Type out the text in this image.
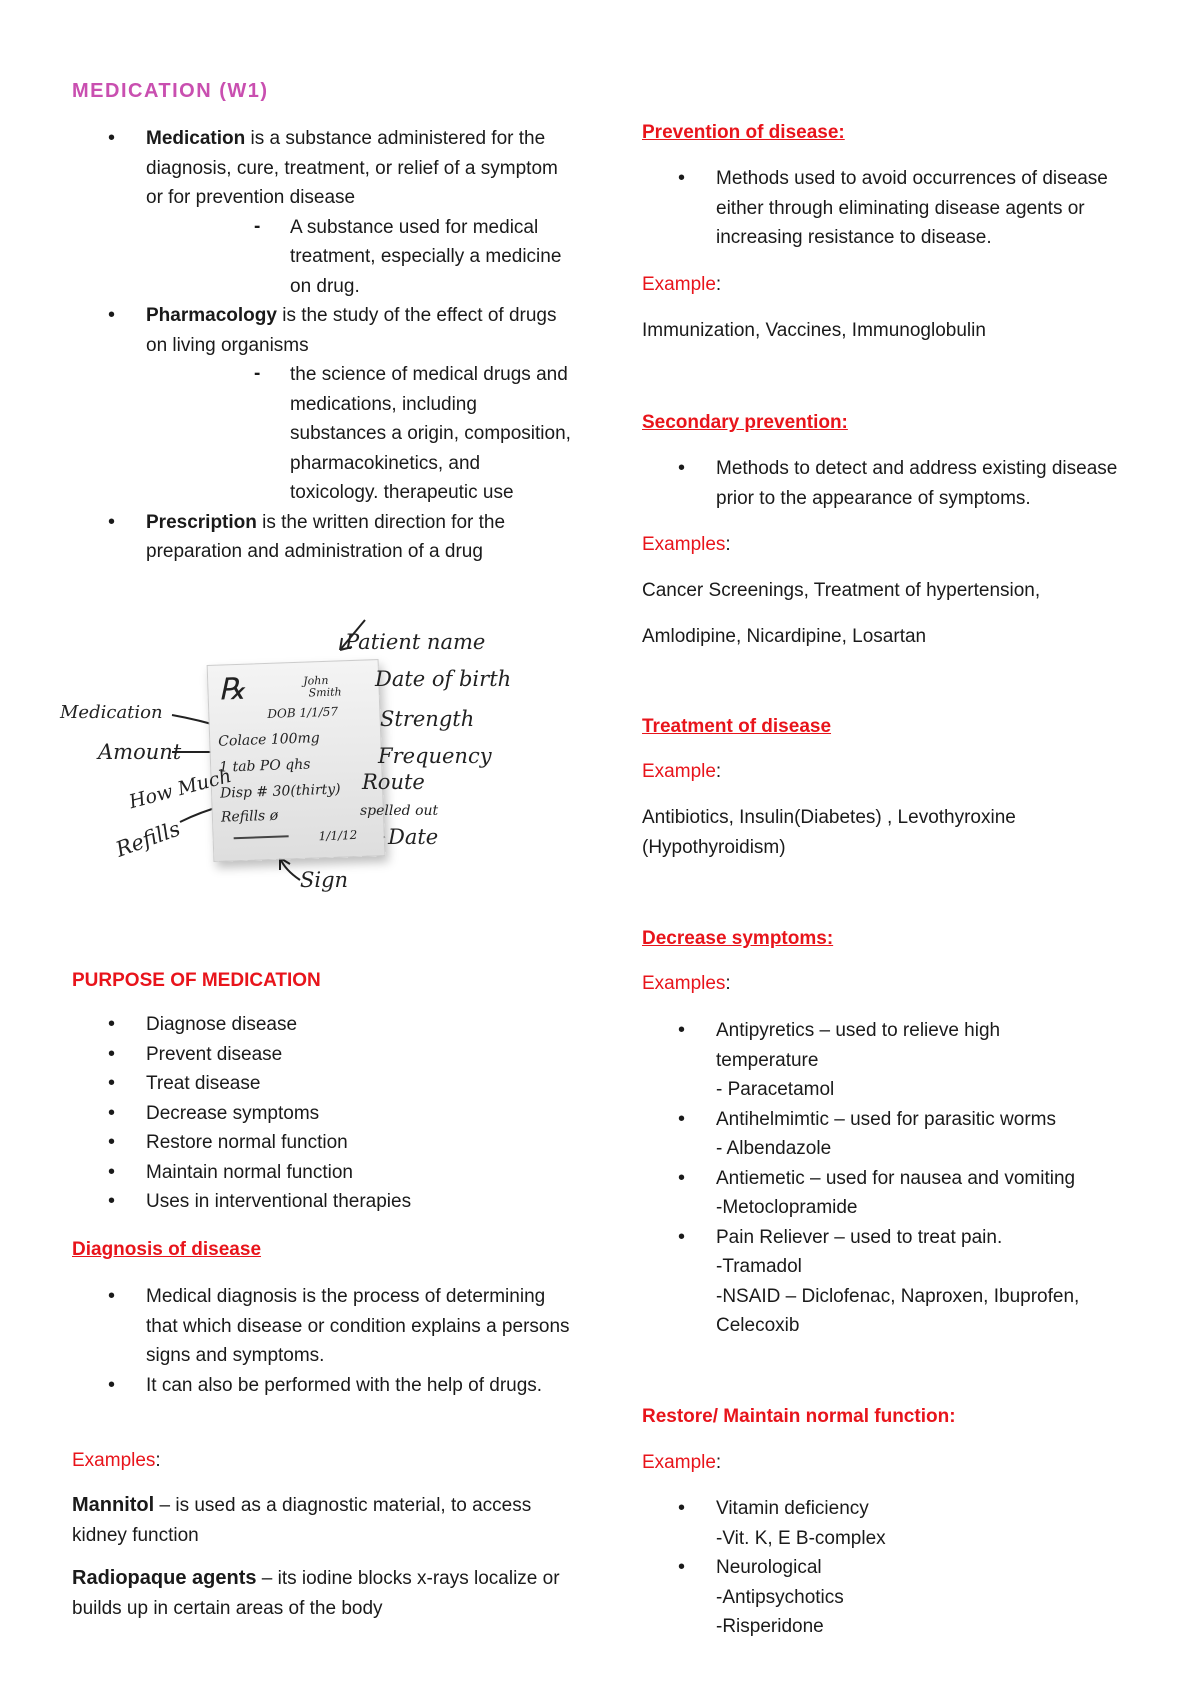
MEDICATION (W1)
• Medication is a substance administered for the diagnosis, cure, treatment, or relief of a symptom or for prevention disease
- A substance used for medical treatment, especially a medicine on drug.
• Pharmacology is the study of the effect of drugs on living organisms
- the science of medical drugs and medications, including substances a origin, composition, pharmacokinetics, and toxicology. therapeutic use
• Prescription is the written direction for the preparation and administration of a drug
℞	John
Smith
DOB 1/1/57
Colace 100mg
1 tab PO qhs
Disp # 30(thirty)
Refills ø
1/1/12
Patient name
Date of birth
Medication	Strength
Amount	Frequency
How Much	Route
spelled out
Refills	Date
Sign
PURPOSE OF MEDICATION
• Diagnose disease
• Prevent disease
• Treat disease
• Decrease symptoms
• Restore normal function
• Maintain normal function
• Uses in interventional therapies
Diagnosis of disease
• Medical diagnosis is the process of determining that which disease or condition explains a persons signs and symptoms.
• It can also be performed with the help of drugs.
Examples:
Mannitol – is used as a diagnostic material, to access kidney function
Radiopaque agents – its iodine blocks x-rays localize or builds up in certain areas of the body
Prevention of disease:
• Methods used to avoid occurrences of disease either through eliminating disease agents or increasing resistance to disease.
Example:
Immunization, Vaccines, Immunoglobulin
Secondary prevention:
• Methods to detect and address existing disease prior to the appearance of symptoms.
Examples:
Cancer Screenings, Treatment of hypertension,
Amlodipine, Nicardipine, Losartan
Treatment of disease
Example:
Antibiotics, Insulin(Diabetes) , Levothyroxine (Hypothyroidism)
Decrease symptoms:
Examples:
• Antipyretics – used to relieve high temperature
- Paracetamol
• Antihelmimtic – used for parasitic worms
- Albendazole
• Antiemetic – used for nausea and vomiting
-Metoclopramide
• Pain Reliever – used to treat pain.
-Tramadol
-NSAID – Diclofenac, Naproxen, Ibuprofen, Celecoxib
Restore/ Maintain normal function:
Example:
• Vitamin deficiency
-Vit. K, E B-complex
• Neurological
-Antipsychotics
-Risperidone
